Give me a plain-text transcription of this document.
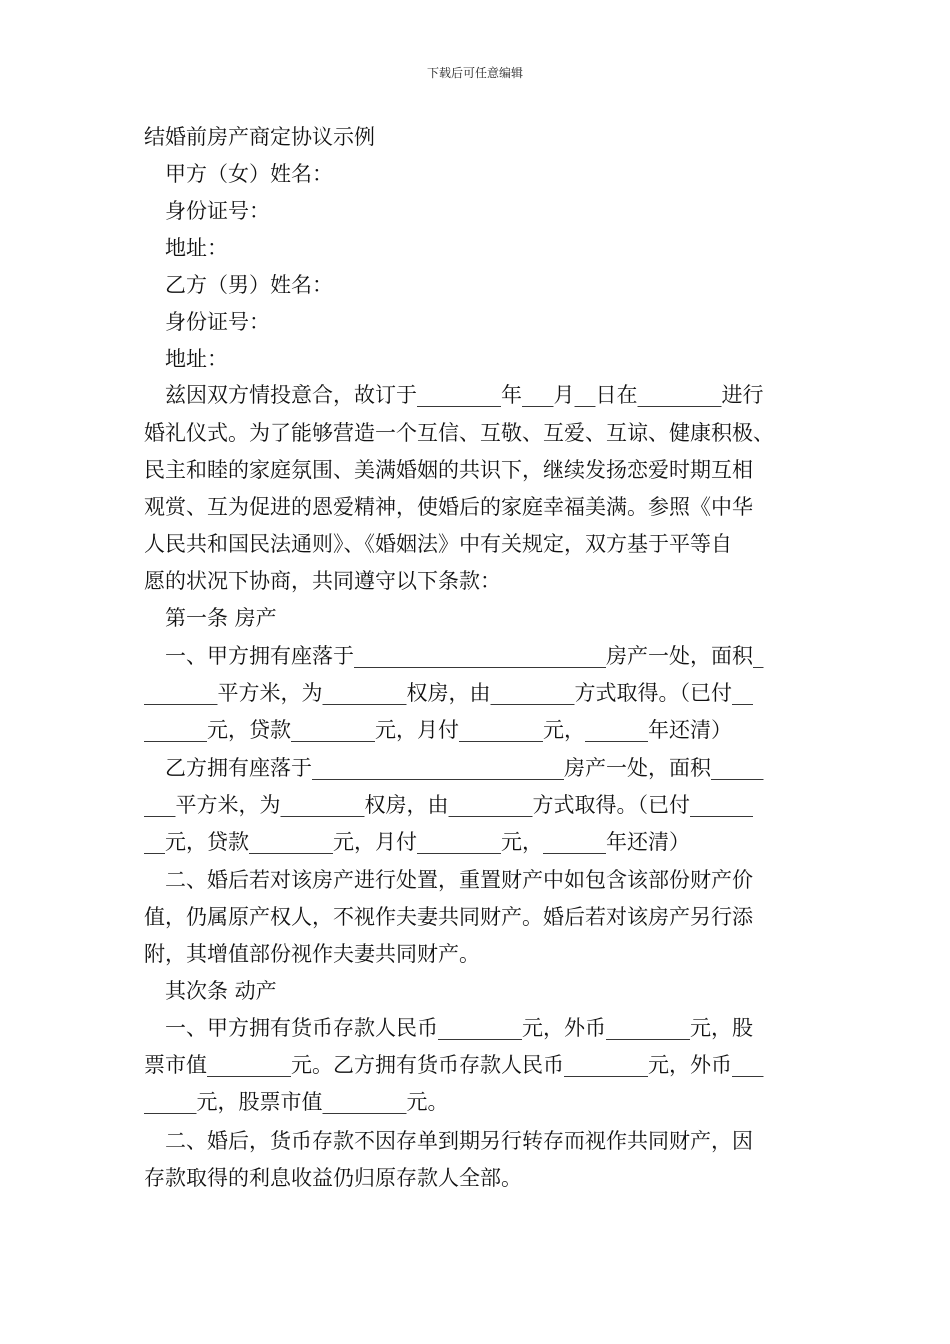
下载后可任意编辑
结婚前房产商定协议示例
甲方（女）姓名：
身份证号：
地址：
乙方（男）姓名：
身份证号：
地址：
兹因双方情投意合，故订于________年___月__日在________进行
婚礼仪式。为了能够营造一个互信、互敬、互爱、互谅、健康积极、
民主和睦的家庭氛围、美满婚姻的共识下，继续发扬恋爱时期互相
观赏、互为促进的恩爱精神，使婚后的家庭幸福美满。参照《中华
人民共和国民法通则》、《婚姻法》中有关规定，双方基于平等自
愿的状况下协商，共同遵守以下条款：
第一条 房产
一、甲方拥有座落于________________________房产一处，面积_
_______平方米，为________权房，由________方式取得。（已付__
______元，贷款________元，月付________元，______年还清）
乙方拥有座落于________________________房产一处，面积_____
___平方米，为________权房，由________方式取得。（已付______
__元，贷款________元，月付________元，______年还清）
二、婚后若对该房产进行处置，重置财产中如包含该部份财产价
值，仍属原产权人，不视作夫妻共同财产。婚后若对该房产另行添
附，其增值部份视作夫妻共同财产。
其次条 动产
一、甲方拥有货币存款人民币________元，外币________元，股
票市值________元。乙方拥有货币存款人民币________元，外币___
_____元，股票市值________元。
二、婚后，货币存款不因存单到期另行转存而视作共同财产，因
存款取得的利息收益仍归原存款人全部。
